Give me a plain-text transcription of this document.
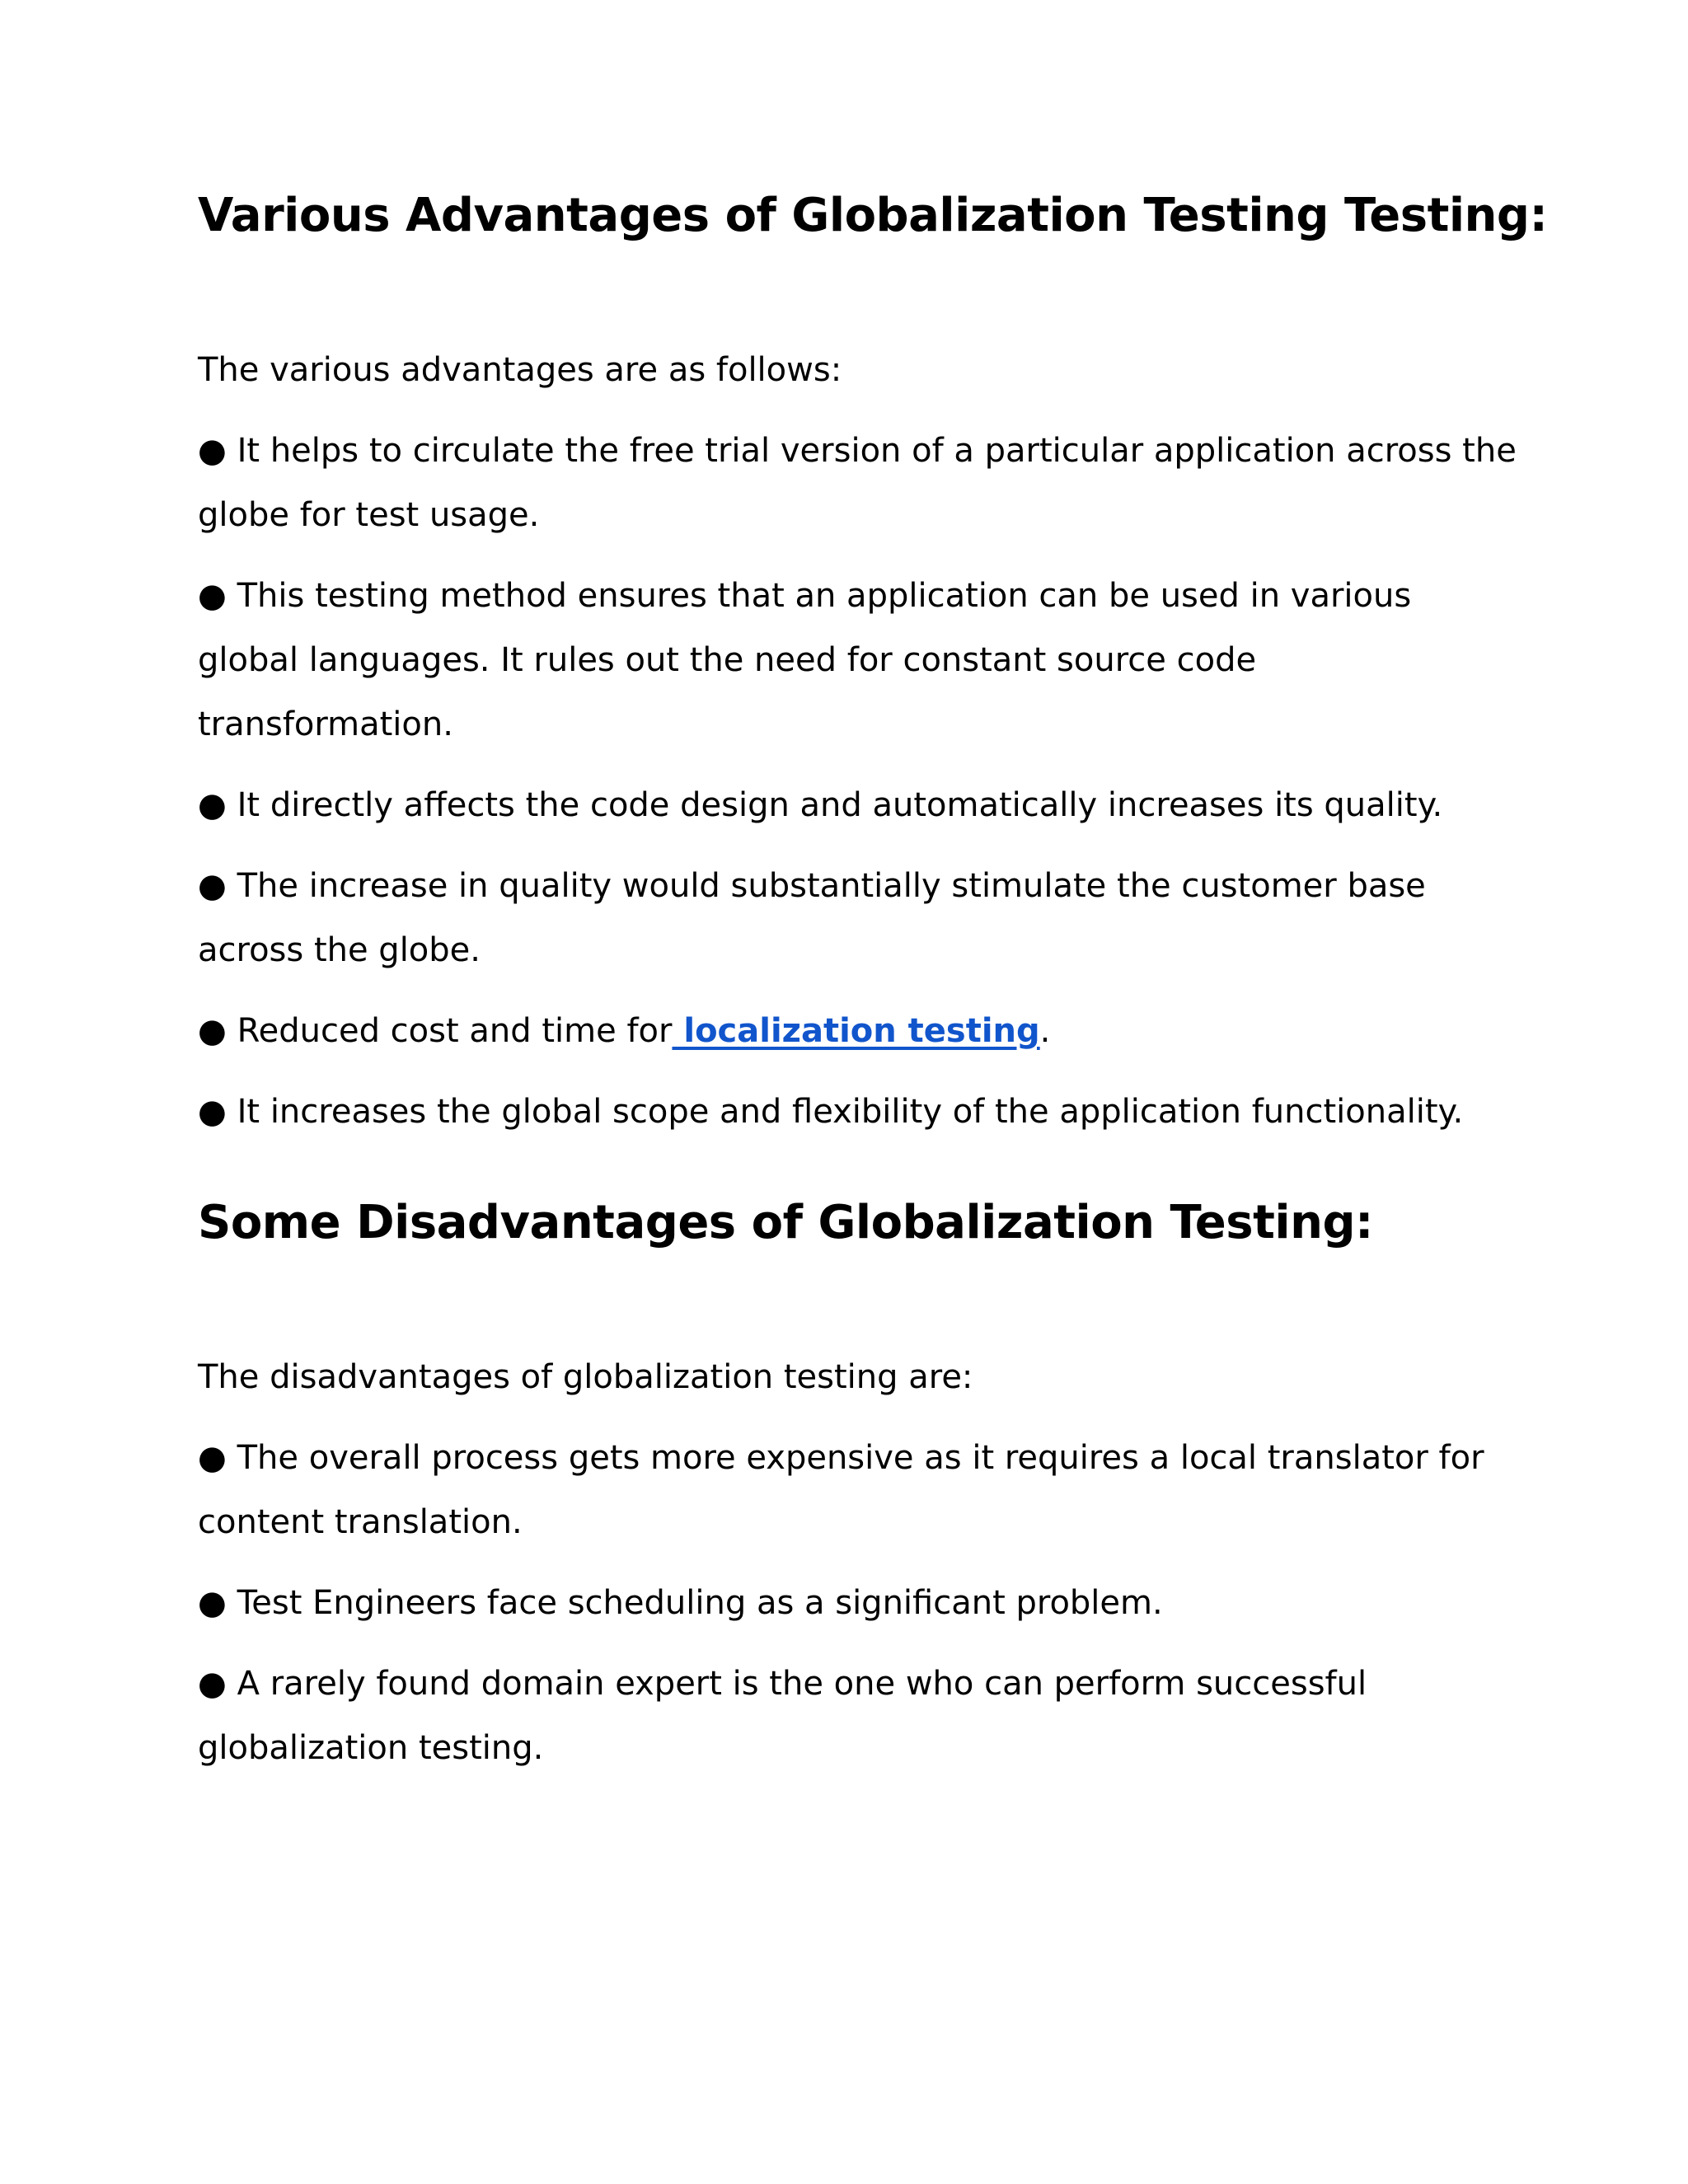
Various Advantages of Globalization Testing Testing:

The various advantages are as follows:

● It helps to circulate the free trial version of a particular application across the globe for test usage.

● This testing method ensures that an application can be used in various global languages. It rules out the need for constant source code transformation.

● It directly affects the code design and automatically increases its quality.

● The increase in quality would substantially stimulate the customer base across the globe.

● Reduced cost and time for localization testing.

● It increases the global scope and flexibility of the application functionality.

Some Disadvantages of Globalization Testing:

The disadvantages of globalization testing are:

● The overall process gets more expensive as it requires a local translator for content translation.

● Test Engineers face scheduling as a significant problem.

● A rarely found domain expert is the one who can perform successful globalization testing.
